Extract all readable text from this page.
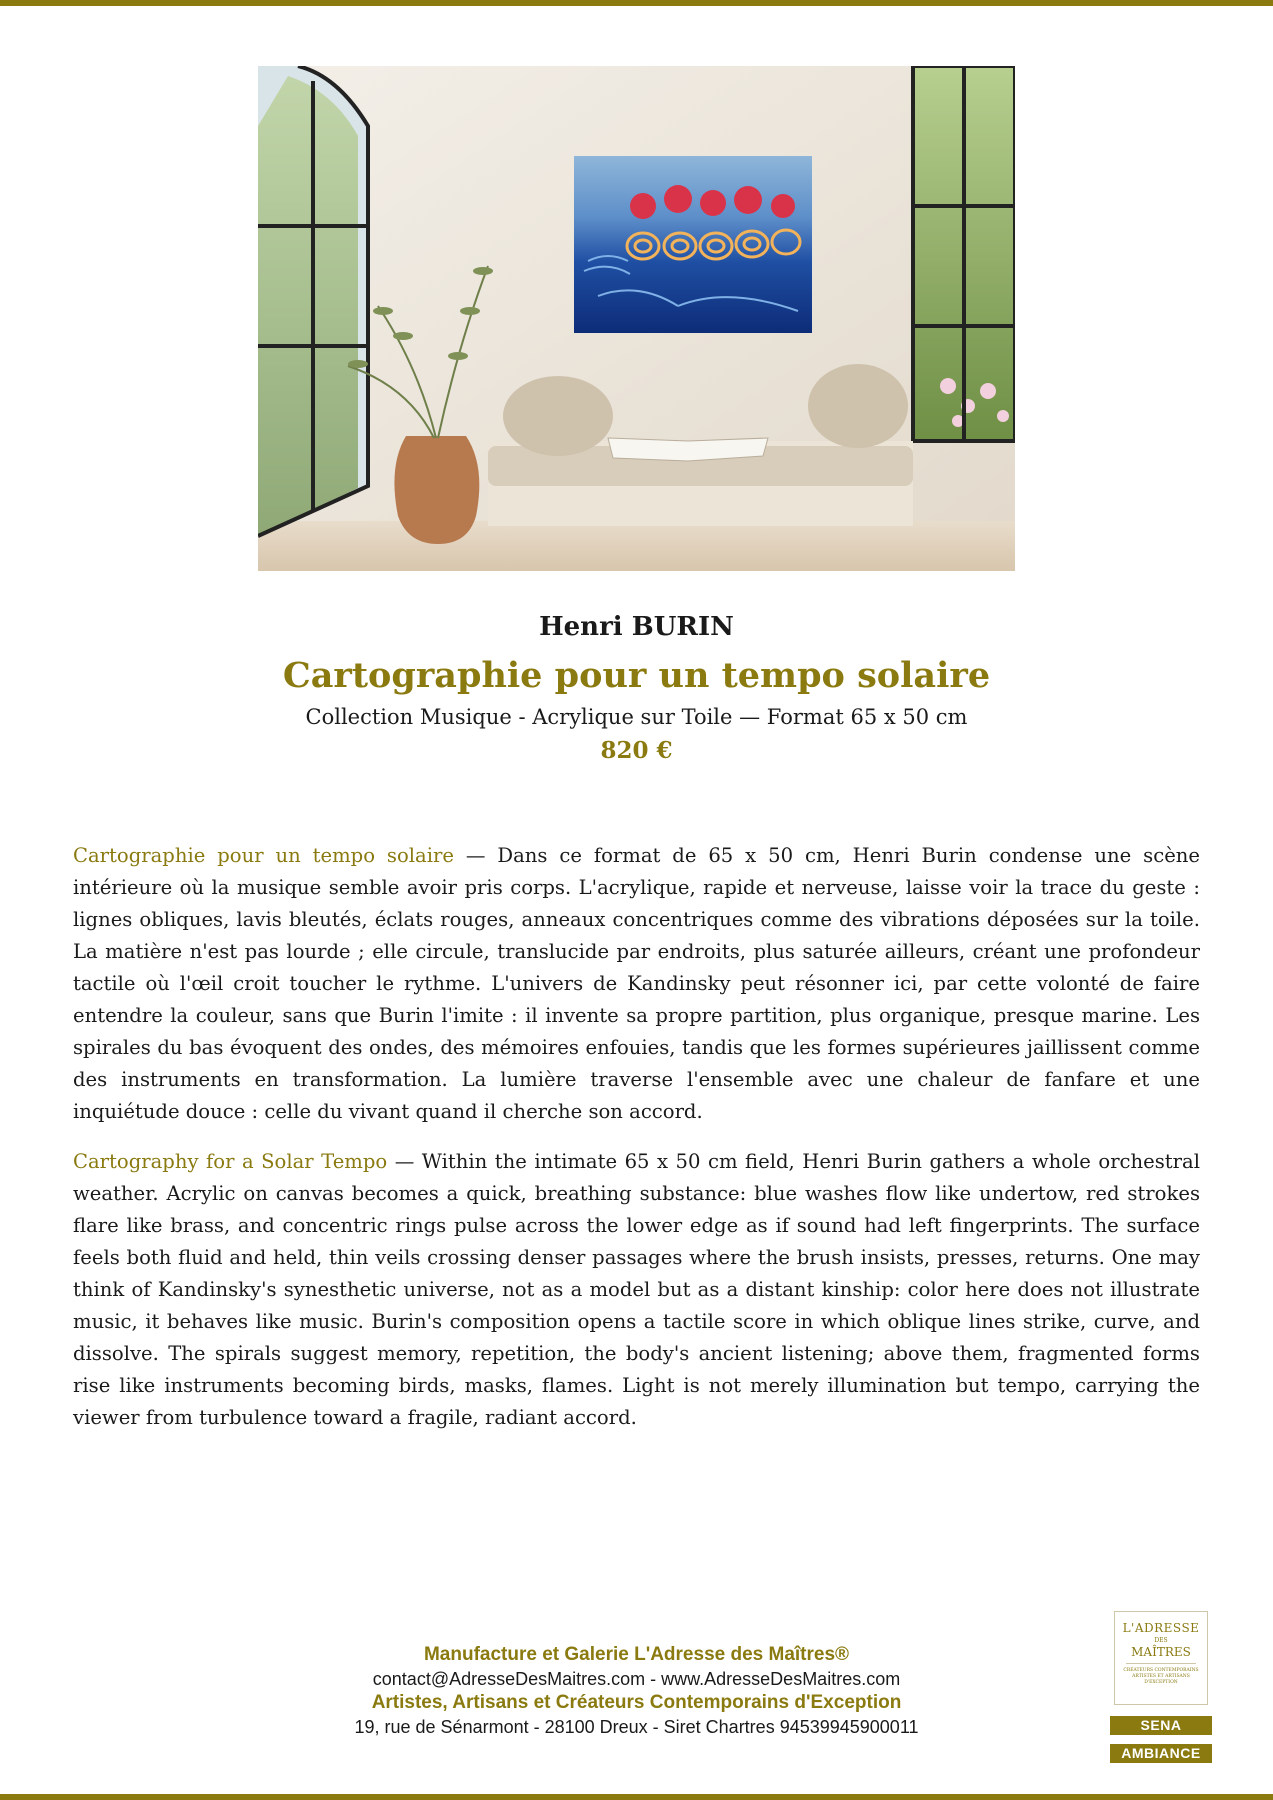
Henri BURIN
Cartographie pour un tempo solaire
Collection Musique - Acrylique sur Toile — Format 65 x 50 cm
820 €

Cartographie pour un tempo solaire — Dans ce format de 65 x 50 cm, Henri Burin condense une scène intérieure où la musique semble avoir pris corps. L'acrylique, rapide et nerveuse, laisse voir la trace du geste : lignes obliques, lavis bleutés, éclats rouges, anneaux concentriques comme des vibrations déposées sur la toile. La matière n'est pas lourde ; elle circule, translucide par endroits, plus saturée ailleurs, créant une profondeur tactile où l'œil croit toucher le rythme. L'univers de Kandinsky peut résonner ici, par cette volonté de faire entendre la couleur, sans que Burin l'imite : il invente sa propre partition, plus organique, presque marine. Les spirales du bas évoquent des ondes, des mémoires enfouies, tandis que les formes supérieures jaillissent comme des instruments en transformation. La lumière traverse l'ensemble avec une chaleur de fanfare et une inquiétude douce : celle du vivant quand il cherche son accord.

Cartography for a Solar Tempo — Within the intimate 65 x 50 cm field, Henri Burin gathers a whole orchestral weather. Acrylic on canvas becomes a quick, breathing substance: blue washes flow like undertow, red strokes flare like brass, and concentric rings pulse across the lower edge as if sound had left fingerprints. The surface feels both fluid and held, thin veils crossing denser passages where the brush insists, presses, returns. One may think of Kandinsky's synesthetic universe, not as a model but as a distant kinship: color here does not illustrate music, it behaves like music. Burin's composition opens a tactile score in which oblique lines strike, curve, and dissolve. The spirals suggest memory, repetition, the body's ancient listening; above them, fragmented forms rise like instruments becoming birds, masks, flames. Light is not merely illumination but tempo, carrying the viewer from turbulence toward a fragile, radiant accord.

Manufacture et Galerie L'Adresse des Maîtres®
contact@AdresseDesMaitres.com - www.AdresseDesMaitres.com
Artistes, Artisans et Créateurs Contemporains d'Exception
19, rue de Sénarmont - 28100 Dreux - Siret Chartres 94539945900011
L'ADRESSE
DES
MAÎTRES
CRÉATEURS CONTEMPORAINS ARTISTES ET ARTISANS D'EXCEPTION
SENA
AMBIANCE
